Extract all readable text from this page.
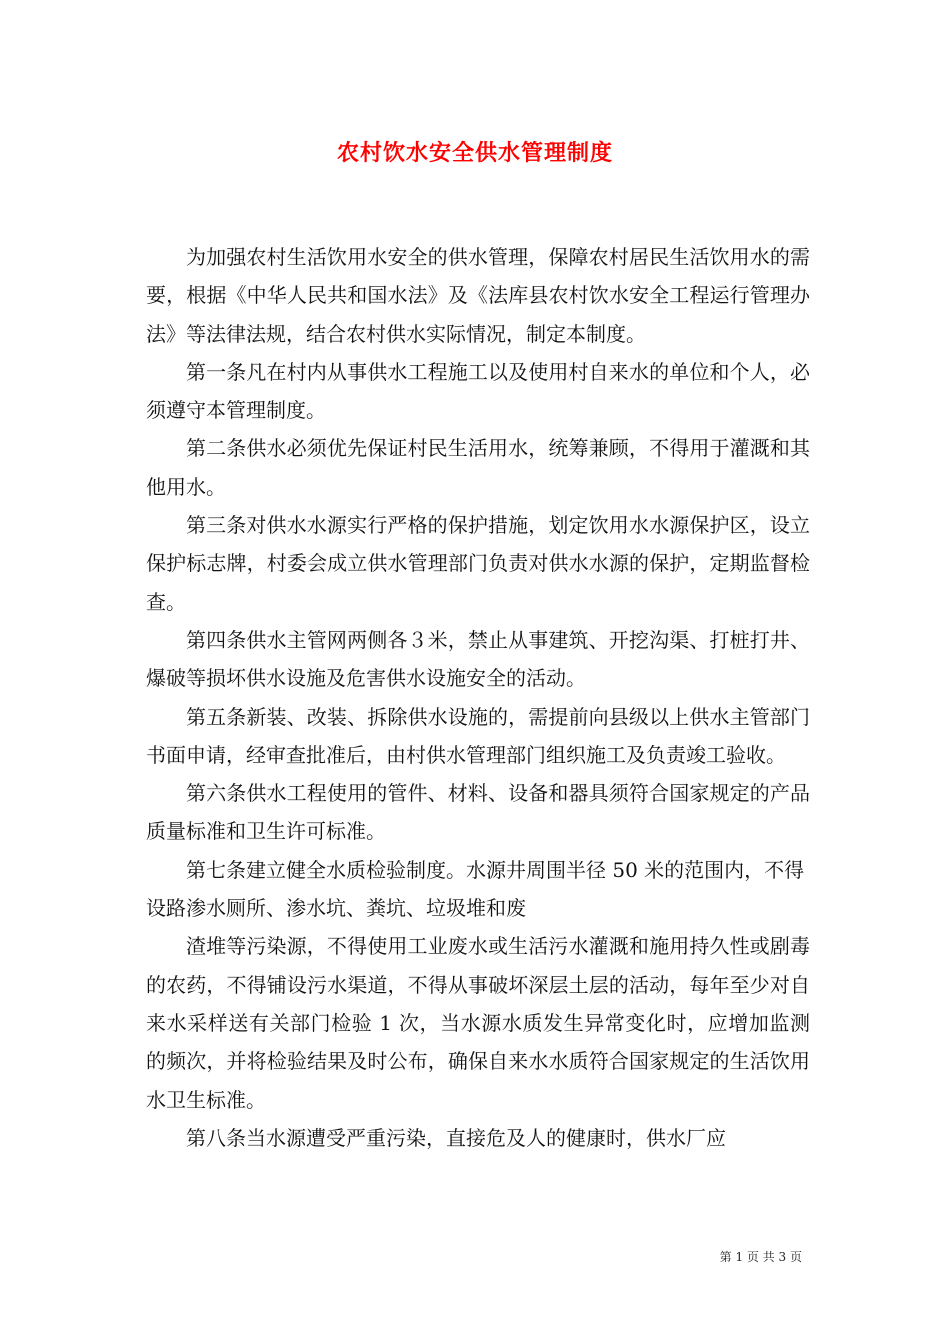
农村饮水安全供水管理制度

为加强农村生活饮用水安全的供水管理，保障农村居民生活饮用水的需要，根据《中华人民共和国水法》及《法库县农村饮水安全工程运行管理办法》等法律法规，结合农村供水实际情况，制定本制度。

第一条凡在村内从事供水工程施工以及使用村自来水的单位和个人，必须遵守本管理制度。

第二条供水必须优先保证村民生活用水，统筹兼顾，不得用于灌溉和其他用水。

第三条对供水水源实行严格的保护措施，划定饮用水水源保护区，设立保护标志牌，村委会成立供水管理部门负责对供水水源的保护，定期监督检查。

第四条供水主管网两侧各３米，禁止从事建筑、开挖沟渠、打桩打井、爆破等损坏供水设施及危害供水设施安全的活动。

第五条新装、改装、拆除供水设施的，需提前向县级以上供水主管部门书面申请，经审查批准后，由村供水管理部门组织施工及负责竣工验收。

第六条供水工程使用的管件、材料、设备和器具须符合国家规定的产品质量标准和卫生许可标准。

第七条建立健全水质检验制度。水源井周围半径 50 米的范围内，不得设路渗水厕所、渗水坑、粪坑、垃圾堆和废

渣堆等污染源，不得使用工业废水或生活污水灌溉和施用持久性或剧毒的农药，不得铺设污水渠道，不得从事破坏深层土层的活动，每年至少对自来水采样送有关部门检验 1 次，当水源水质发生异常变化时，应增加监测的频次，并将检验结果及时公布，确保自来水水质符合国家规定的生活饮用水卫生标准。

第八条当水源遭受严重污染，直接危及人的健康时，供水厂应

第 1 页 共 3 页
